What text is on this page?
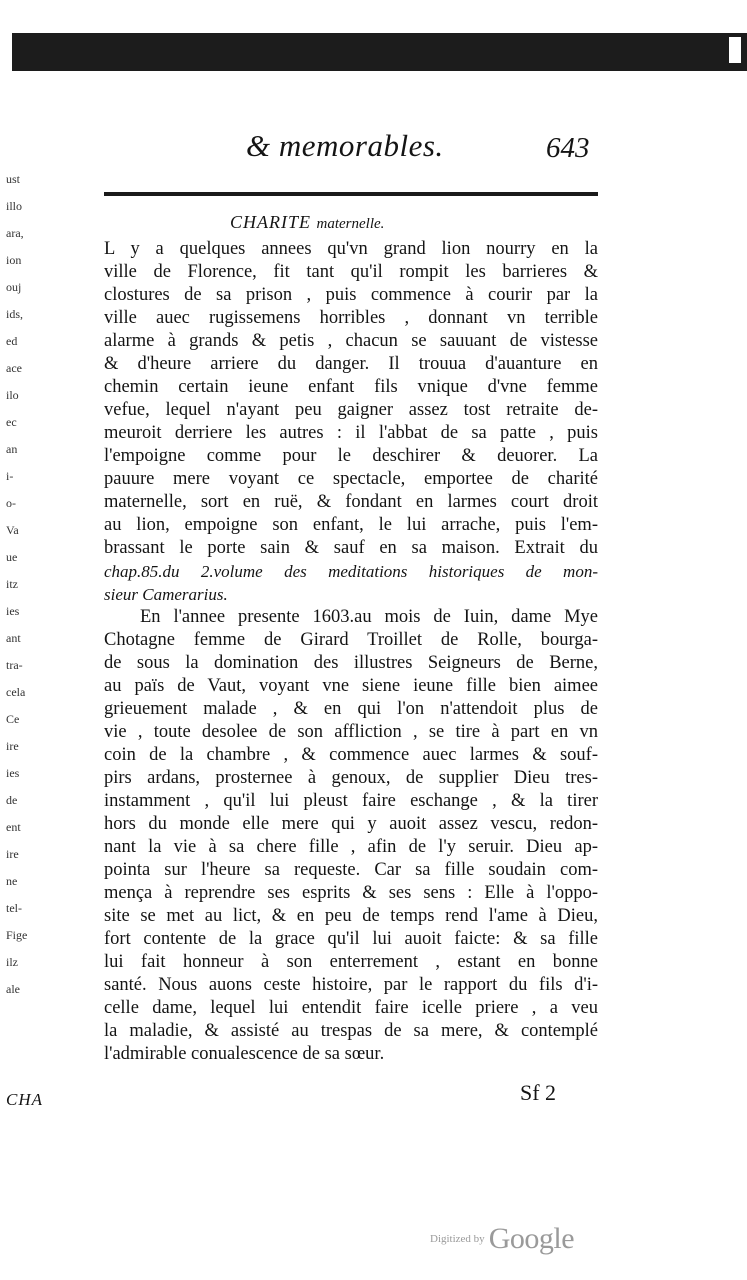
& memorables.	643
CHARITE maternelle.
L y a quelques annees qu'vn grand lion nourry en la
ville de Florence, fit tant qu'il rompit les barrieres &
clostures de sa prison , puis commence à courir par la
ville auec rugissemens horribles , donnant vn terrible
alarme à grands & petis , chacun se sauuant de vistesse
& d'heure arriere du danger. Il trouua d'auanture en
chemin certain ieune enfant fils vnique d'vne femme
vefue, lequel n'ayant peu gaigner assez tost retraite de-
meuroit derriere les autres : il l'abbat de sa patte , puis
l'empoigne comme pour le deschirer & deuorer. La
pauure mere voyant ce spectacle, emportee de charité
maternelle, sort en ruë, & fondant en larmes court droit
au lion, empoigne son enfant, le lui arrache, puis l'em-
brassant le porte sain & sauf en sa maison. Extrait du
chap.85.du 2.volume des meditations historiques de mon-
sieur Camerarius.
En l'annee presente 1603.au mois de Iuin, dame Mye
Chotagne femme de Girard Troillet de Rolle, bourga-
de sous la domination des illustres Seigneurs de Berne,
au païs de Vaut, voyant vne siene ieune fille bien aimee
grieuement malade , & en qui l'on n'attendoit plus de
vie , toute desolee de son affliction , se tire à part en vn
coin de la chambre , & commence auec larmes & souf-
pirs ardans, prosternee à genoux, de supplier Dieu tres-
instamment , qu'il lui pleust faire eschange , & la tirer
hors du monde elle mere qui y auoit assez vescu, redon-
nant la vie à sa chere fille , afin de l'y seruir. Dieu ap-
pointa sur l'heure sa requeste. Car sa fille soudain com-
mença à reprendre ses esprits & ses sens : Elle à l'oppo-
site se met au lict, & en peu de temps rend l'ame à Dieu,
fort contente de la grace qu'il lui auoit faicte: & sa fille
lui fait honneur à son enterrement , estant en bonne
santé. Nous auons ceste histoire, par le rapport du fils d'i-
celle dame, lequel lui entendit faire icelle priere , a veu
la maladie, & assisté au trespas de sa mere, & contemplé
l'admirable conualescence de sa sœur.
ust
illo
ara,
ion
ouj
ids,
ed
ace
ilo
ec
an
i-
o-
Va
ue
itz
ies
ant
tra-
cela
Ce
ire
ies
de
ent
ire
ne
tel-
Fige
ilz
ale
CHA	Sf 2
Digitized by Google
